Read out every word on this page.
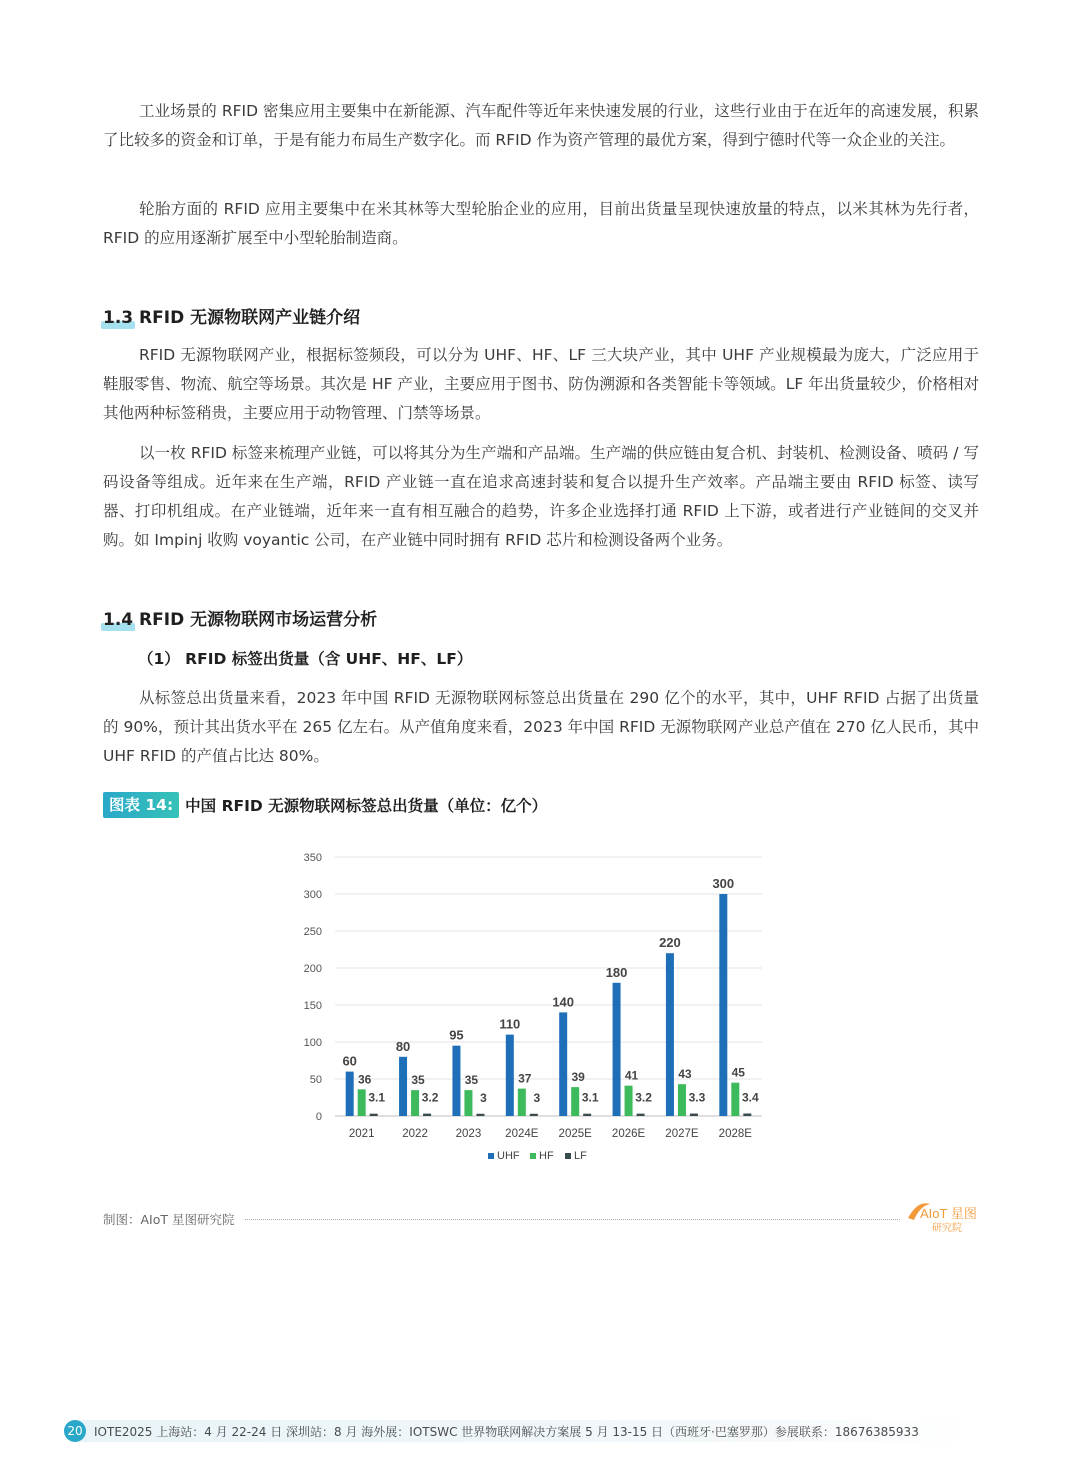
工业场景的 RFID 密集应用主要集中在新能源、汽车配件等近年来快速发展的行业，这些行业由于在近年的高速发展，积累了比较多的资金和订单，于是有能力布局生产数字化。而 RFID 作为资产管理的最优方案，得到宁德时代等一众企业的关注。

轮胎方面的 RFID 应用主要集中在米其林等大型轮胎企业的应用，目前出货量呈现快速放量的特点，以米其林为先行者，RFID 的应用逐渐扩展至中小型轮胎制造商。

1.3 RFID 无源物联网产业链介绍

RFID 无源物联网产业，根据标签频段，可以分为 UHF、HF、LF 三大块产业，其中 UHF 产业规模最为庞大，广泛应用于鞋服零售、物流、航空等场景。其次是 HF 产业，主要应用于图书、防伪溯源和各类智能卡等领域。LF 年出货量较少，价格相对其他两种标签稍贵，主要应用于动物管理、门禁等场景。

以一枚 RFID 标签来梳理产业链，可以将其分为生产端和产品端。生产端的供应链由复合机、封装机、检测设备、喷码 / 写码设备等组成。近年来在生产端，RFID 产业链一直在追求高速封装和复合以提升生产效率。产品端主要由 RFID 标签、读写器、打印机组成。在产业链端，近年来一直有相互融合的趋势，许多企业选择打通 RFID 上下游，或者进行产业链间的交叉并购。如 Impinj 收购 voyantic 公司，在产业链中同时拥有 RFID 芯片和检测设备两个业务。

1.4 RFID 无源物联网市场运营分析
（1） RFID 标签出货量（含 UHF、HF、LF）

从标签总出货量来看，2023 年中国 RFID 无源物联网标签总出货量在 290 亿个的水平，其中，UHF RFID 占据了出货量的 90%，预计其出货水平在 265 亿左右。从产值角度来看，2023 年中国 RFID 无源物联网产业总产值在 270 亿人民币，其中 UHF RFID 的产值占比达 80%。

图表 14: 中国 RFID 无源物联网标签总出货量（单位：亿个）
0
50
100
150
200
250
300
350
60
36
3.1
2021
80
35
3.2
2022
95
35
3
2023
110
37
3
2024E
140
39
3.1
2025E
180
41
3.2
2026E
220
43
3.3
2027E
300
45
3.4
2028E
UHF HF LF
制图：AIoT 星图研究院	AIoT 星图
研究院
20 IOTE2025 上海站：4 月 22-24 日 深圳站：8 月 海外展：IOTSWC 世界物联网解决方案展 5 月 13-15 日（西班牙·巴塞罗那）参展联系：18676385933
